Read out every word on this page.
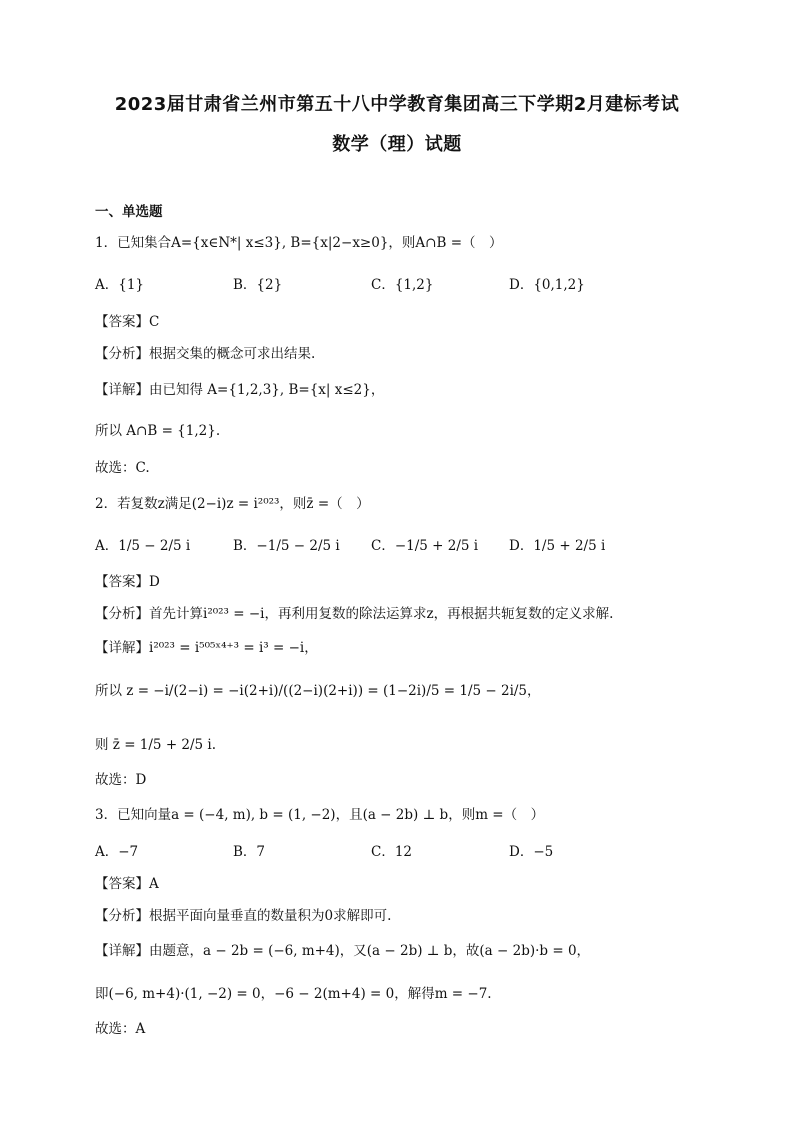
2023届甘肃省兰州市第五十八中学教育集团高三下学期2月建标考试
数学（理）试题
一、单选题
1．已知集合A={x∈N*| x≤3}, B={x|2−x≥0}，则A∩B =（　）
A．{1}	B．{2}	C．{1,2}	D．{0,1,2}
【答案】C
【分析】根据交集的概念可求出结果.
【详解】由已知得 A={1,2,3}, B={x| x≤2}，
所以 A∩B = {1,2}.
故选：C.
2．若复数z满足(2−i)z = i²⁰²³，则z̄ =（　）
A．1/5 − 2/5 i	B．−1/5 − 2/5 i C．−1/5 + 2/5 i D．1/5 + 2/5 i
【答案】D
【分析】首先计算i²⁰²³ = −i，再利用复数的除法运算求z，再根据共轭复数的定义求解.
【详解】i²⁰²³ = i⁵⁰⁵ˣ⁴⁺³ = i³ = −i，
所以 z = −i/(2−i) = −i(2+i)/((2−i)(2+i)) = (1−2i)/5 = 1/5 − 2i/5，
则 z̄ = 1/5 + 2/5 i.
故选：D
3．已知向量a = (−4, m), b = (1, −2)，且(a − 2b) ⊥ b，则m =（　）
A．−7	B．7	C．12	D．−5
【答案】A
【分析】根据平面向量垂直的数量积为0求解即可.
【详解】由题意，a − 2b = (−6, m+4)，又(a − 2b) ⊥ b，故(a − 2b)·b = 0，
即(−6, m+4)·(1, −2) = 0，−6 − 2(m+4) = 0，解得m = −7.
故选：A
